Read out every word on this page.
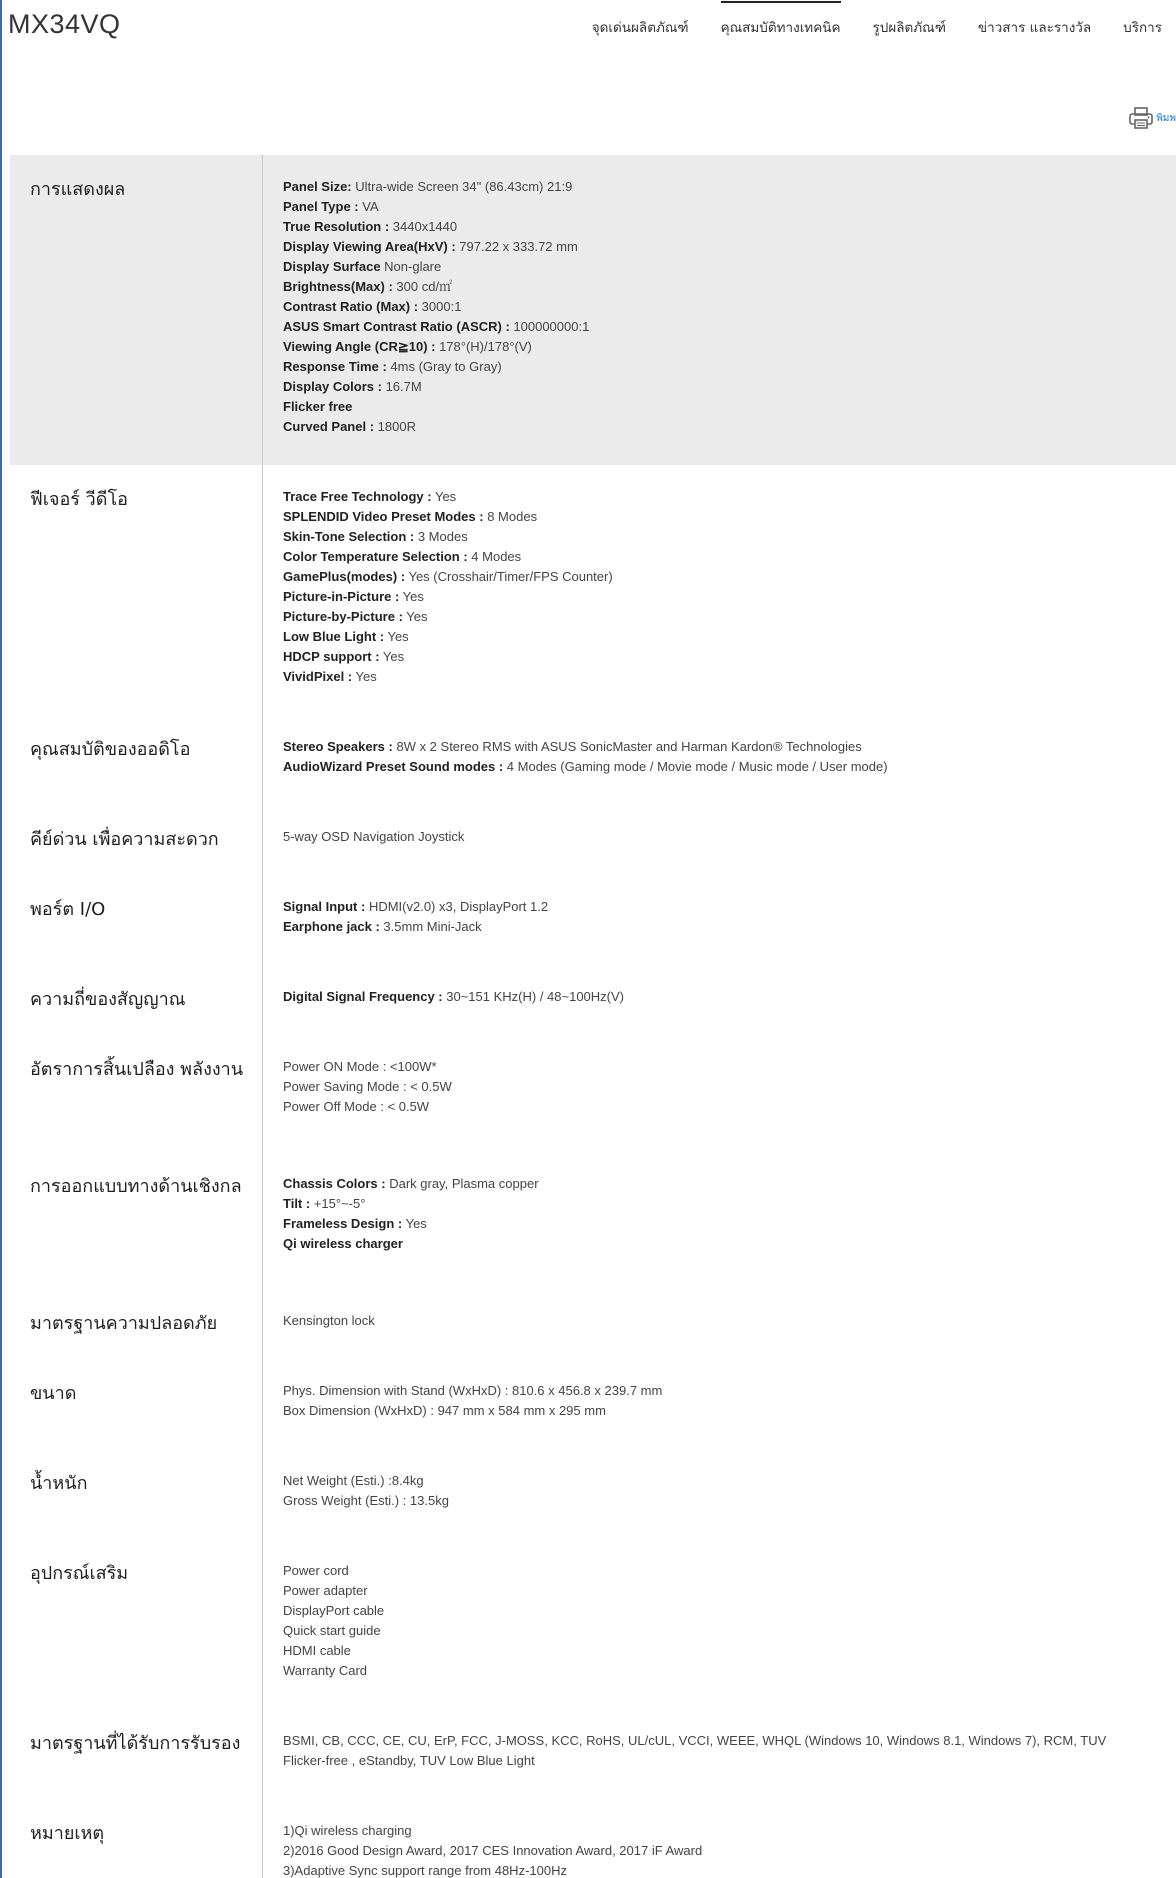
MX34VQ	จุดเด่นผลิตภัณฑ์ คุณสมบัติทางเทคนิค รูปผลิตภัณฑ์ ข่าวสาร และรางวัล บริการ
พิมพ
การแสดงผล	Panel Size: Ultra-wide Screen 34" (86.43cm) 21:9
Panel Type : VA
True Resolution : 3440x1440
Display Viewing Area(HxV) : 797.22 x 333.72 mm
Display Surface Non-glare
Brightness(Max) : 300 cd/㎡
Contrast Ratio (Max) : 3000:1
ASUS Smart Contrast Ratio (ASCR) : 100000000:1
Viewing Angle (CR≧10) : 178°(H)/178°(V)
Response Time : 4ms (Gray to Gray)
Display Colors : 16.7M
Flicker free
Curved Panel : 1800R
ฟีเจอร์ วีดีโอ	Trace Free Technology : Yes
SPLENDID Video Preset Modes : 8 Modes
Skin-Tone Selection : 3 Modes
Color Temperature Selection : 4 Modes
GamePlus(modes) : Yes (Crosshair/Timer/FPS Counter)
Picture-in-Picture : Yes
Picture-by-Picture : Yes
Low Blue Light : Yes
HDCP support : Yes
VividPixel : Yes
คุณสมบัติของออดิโอ	Stereo Speakers : 8W x 2 Stereo RMS with ASUS SonicMaster and Harman Kardon® Technologies
AudioWizard Preset Sound modes : 4 Modes (Gaming mode / Movie mode / Music mode / User mode)
คีย์ด่วน เพื่อความสะดวก	5-way OSD Navigation Joystick
พอร์ต I/O	Signal Input : HDMI(v2.0) x3, DisplayPort 1.2
Earphone jack : 3.5mm Mini-Jack
ความถี่ของสัญญาณ	Digital Signal Frequency : 30~151 KHz(H) / 48~100Hz(V)
อัตราการสิ้นเปลือง พลังงาน	Power ON Mode : <100W*
Power Saving Mode : < 0.5W
Power Off Mode : < 0.5W
การออกแบบทางด้านเชิงกล	Chassis Colors : Dark gray, Plasma copper
Tilt : +15°~-5°
Frameless Design : Yes
Qi wireless charger
มาตรฐานความปลอดภัย	Kensington lock
ขนาด	Phys. Dimension with Stand (WxHxD) : 810.6 x 456.8 x 239.7 mm
Box Dimension (WxHxD) : 947 mm x 584 mm x 295 mm
น้ำหนัก	Net Weight (Esti.) :8.4kg
Gross Weight (Esti.) : 13.5kg
อุปกรณ์เสริม	Power cord
Power adapter
DisplayPort cable
Quick start guide
HDMI cable
Warranty Card
มาตรฐานที่ได้รับการรับรอง	BSMI, CB, CCC, CE, CU, ErP, FCC, J-MOSS, KCC, RoHS, UL/cUL, VCCI, WEEE, WHQL (Windows 10, Windows 8.1, Windows 7), RCM, TUV
Flicker-free , eStandby, TUV Low Blue Light
หมายเหตุ	1)Qi wireless charging
2)2016 Good Design Award, 2017 CES Innovation Award, 2017 iF Award
3)Adaptive Sync support range from 48Hz-100Hz
